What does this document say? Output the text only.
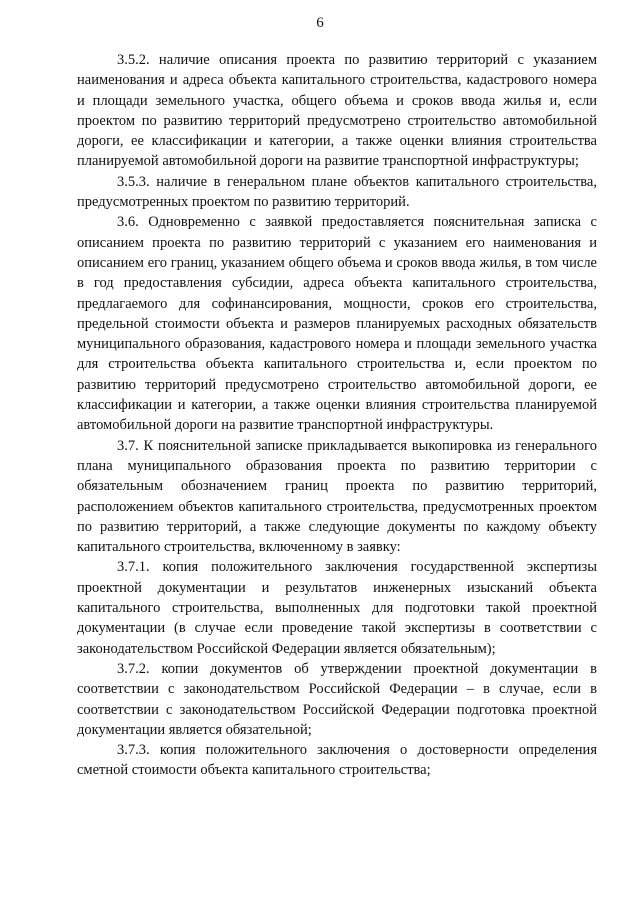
6

3.5.2. наличие описания проекта по развитию территорий с указанием наименования и адреса объекта капитального строительства, кадастрового номера и площади земельного участка, общего объема и сроков ввода жилья и, если проектом по развитию территорий предусмотрено строительство автомобильной дороги, ее классификации и категории, а также оценки влияния строительства планируемой автомобильной дороги на развитие транспортной инфраструктуры;

3.5.3. наличие в генеральном плане объектов капитального строительства, предусмотренных проектом по развитию территорий.

3.6. Одновременно с заявкой предоставляется пояснительная записка с описанием проекта по развитию территорий с указанием его наименования и описанием его границ, указанием общего объема и сроков ввода жилья, в том числе в год предоставления субсидии, адреса объекта капитального строительства, предлагаемого для софинансирования, мощности, сроков его строительства, предельной стоимости объекта и размеров планируемых расходных обязательств муниципального образования, кадастрового номера и площади земельного участка для строительства объекта капитального строительства и, если проектом по развитию территорий предусмотрено строительство автомобильной дороги, ее классификации и категории, а также оценки влияния строительства планируемой автомобильной дороги на развитие транспортной инфраструктуры.

3.7. К пояснительной записке прикладывается выкопировка из генерального плана муниципального образования проекта по развитию территории с обязательным обозначением границ проекта по развитию территорий, расположением объектов капитального строительства, предусмотренных проектом по развитию территорий, а также следующие документы по каждому объекту капитального строительства, включенному в заявку:

3.7.1. копия положительного заключения государственной экспертизы проектной документации и результатов инженерных изысканий объекта капитального строительства, выполненных для подготовки такой проектной документации (в случае если проведение такой экспертизы в соответствии с законодательством Российской Федерации является обязательным);

3.7.2. копии документов об утверждении проектной документации в соответствии с законодательством Российской Федерации – в случае, если в соответствии с законодательством Российской Федерации подготовка проектной документации является обязательной;

3.7.3. копия положительного заключения о достоверности определения сметной стоимости объекта капитального строительства;
